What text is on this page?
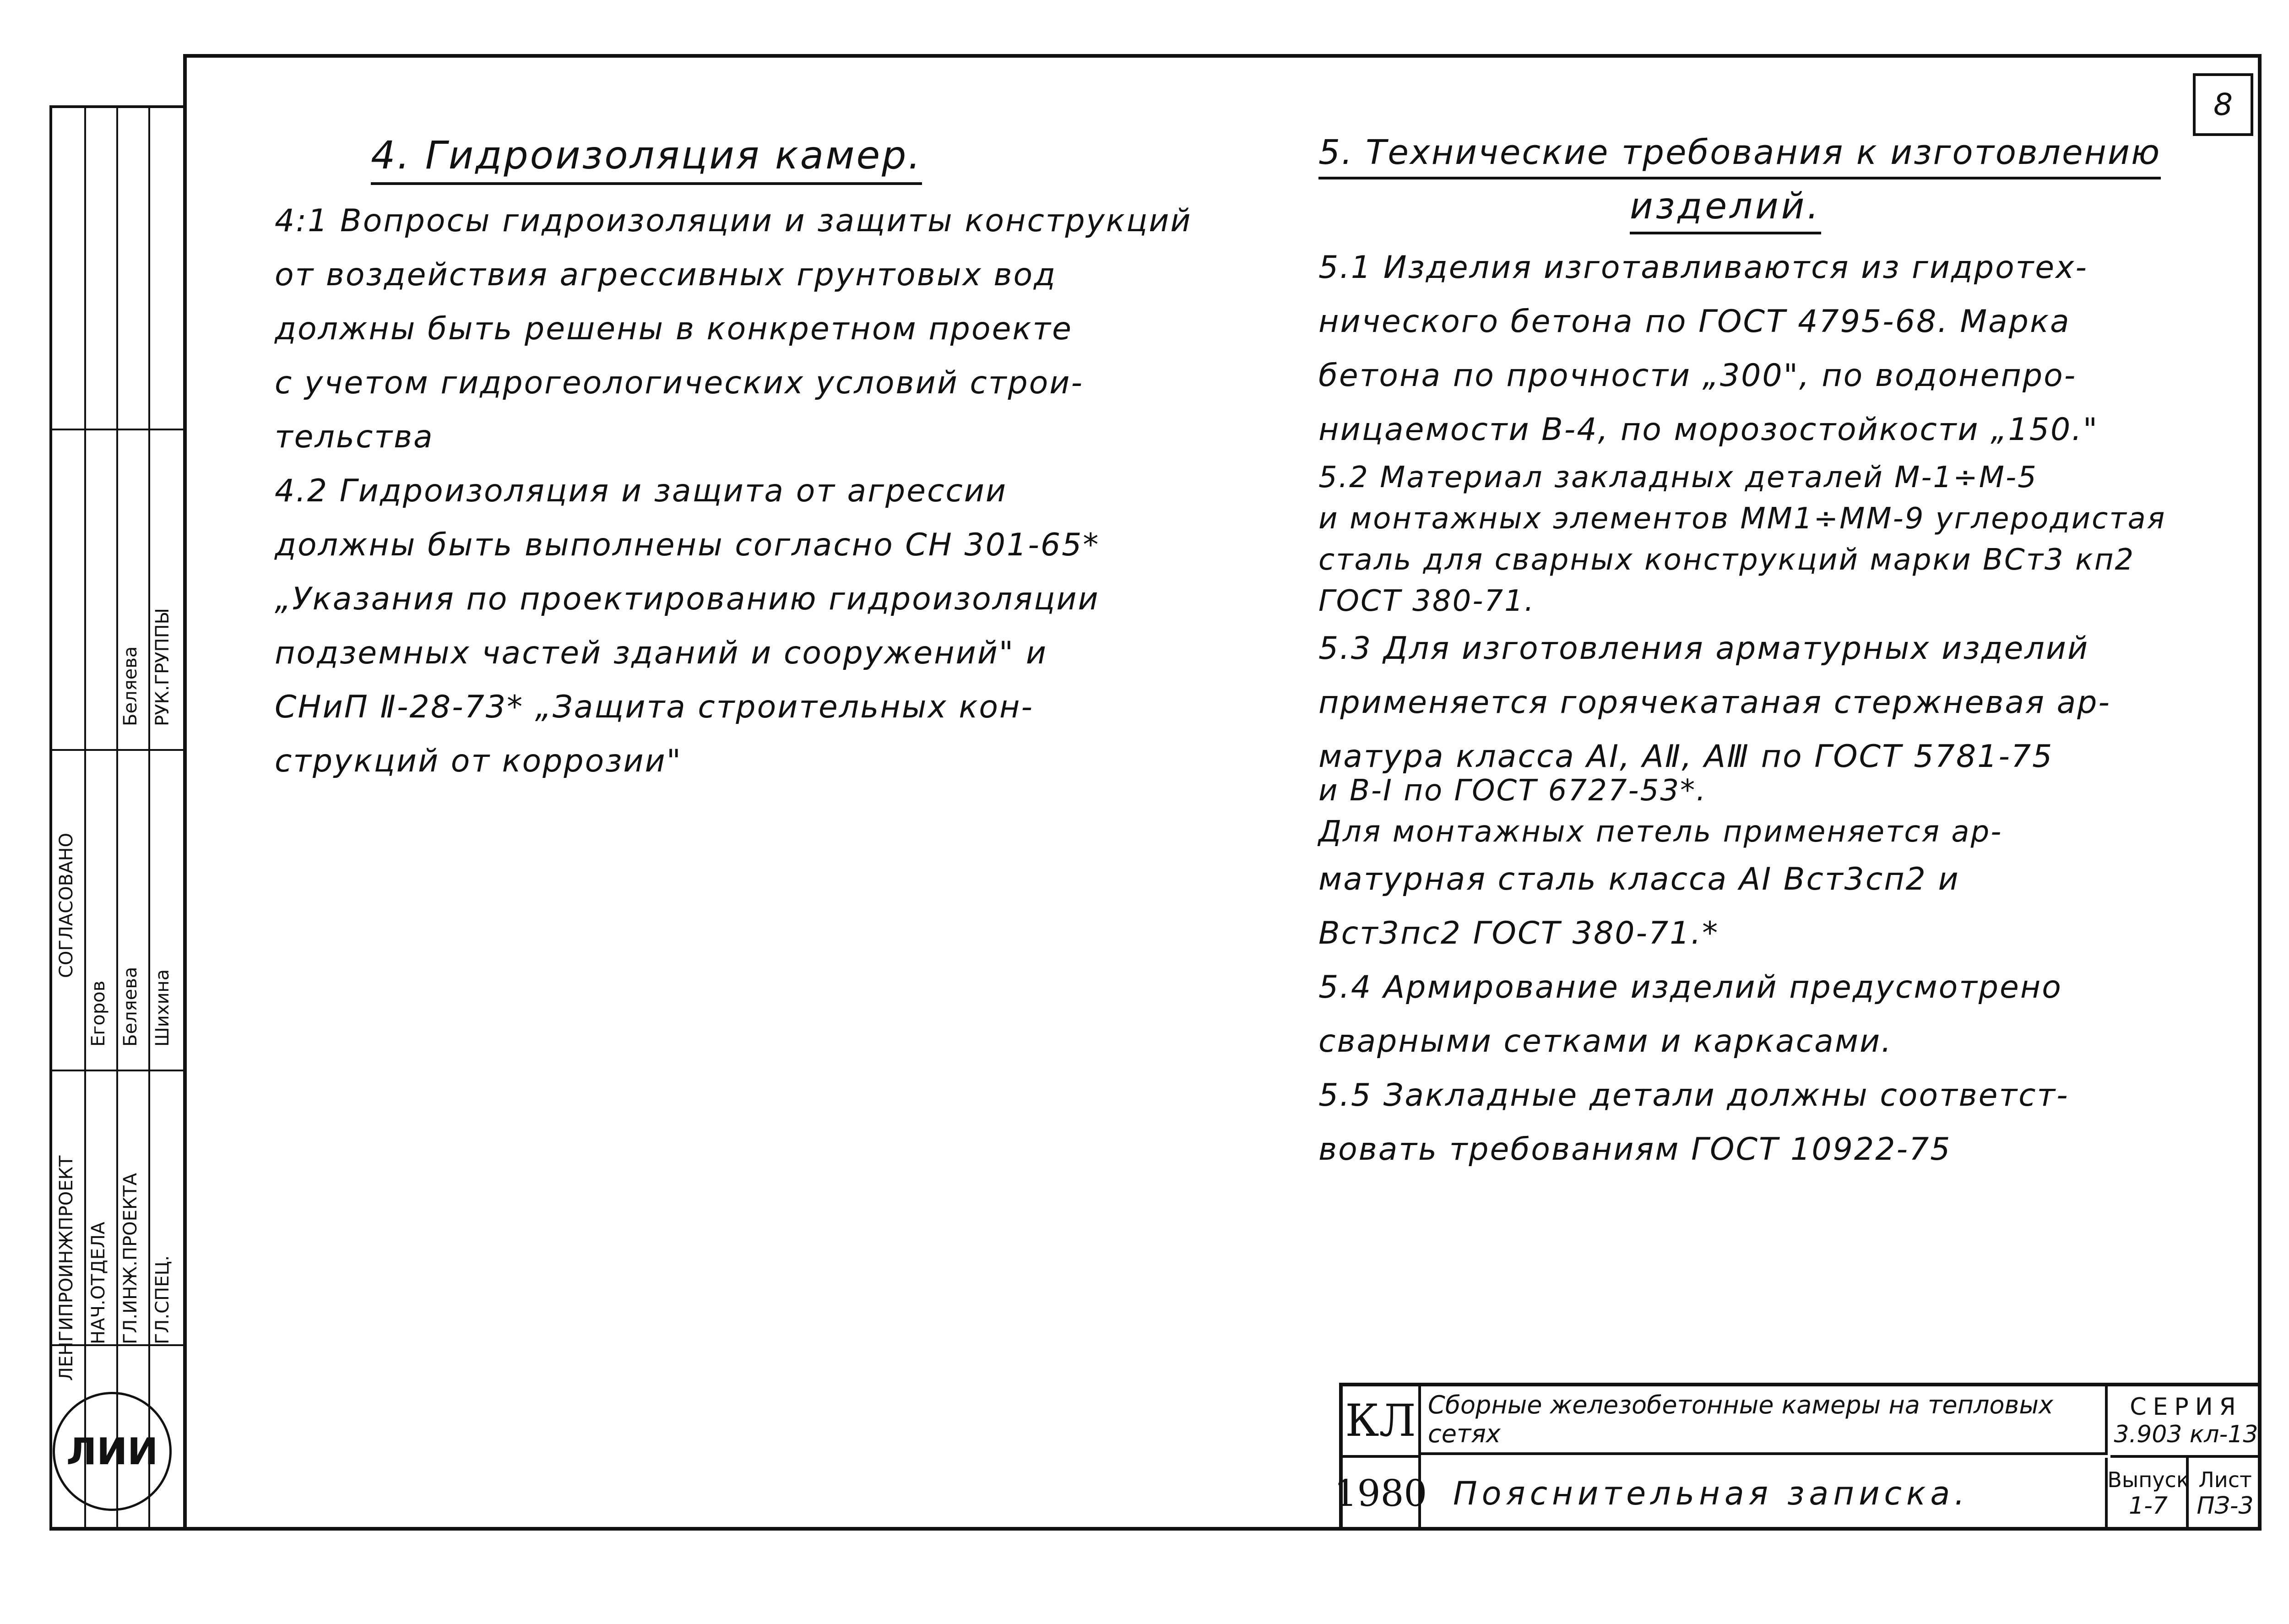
8
ЛЕНГИПРОИНЖПРОЕКТ НАЧ.ОТДЕЛА ГЛ.ИНЖ.ПРОЕКТА ГЛ.СПЕЦ.
Егоров Беляева Шихина
СОГЛАСОВАНО
Беляева РУК.ГРУППЫ
ЛИИ
4. Гидроизоляция камер.

4:1 Вопросы гидроизоляции и защиты конструкций
от воздействия агрессивных грунтовых вод
должны быть решены в конкретном проекте
с учетом гидрогеологических условий строи-
тельства

4.2 Гидроизоляция и защита от агрессии
должны быть выполнены согласно СН 301-65*
„Указания по проектированию гидроизоляции
подземных частей зданий и сооружений" и
СНиП Ⅱ-28-73* „Защита строительных кон-
струкций от коррозии"

5. Технические требования к изготовлению
изделий.

5.1 Изделия изготавливаются из гидротех-
нического бетона по ГОСТ 4795-68. Марка
бетона по прочности „300", по водонепро-
ницаемости В-4, по морозостойкости „150."

5.2 Материал закладных деталей М-1÷М-5
и монтажных элементов ММ1÷ММ-9 углеродистая
сталь для сварных конструкций марки ВСт3 кп2
ГОСТ 380-71.

5.3 Для изготовления арматурных изделий
применяется горячекатаная стержневая ар-
матура класса АⅠ, АⅡ, АⅢ по ГОСТ 5781-75

и В-I по ГОСТ 6727-53*.
Для монтажных петель применяется ар-

матурная сталь класса АⅠ Вст3сп2 и
Вст3пс2 ГОСТ 380-71.*

5.4 Армирование изделий предусмотрено
сварными сетками и каркасами.

5.5 Закладные детали должны соответст-
вовать требованиям ГОСТ 10922-75

КЛ
1980
Сборные железобетонные камеры на тепловых сетях
Пояснительная записка.
СЕРИЯ
3.903 кл-13
Выпуск
1-7
Лист
ПЗ-3
